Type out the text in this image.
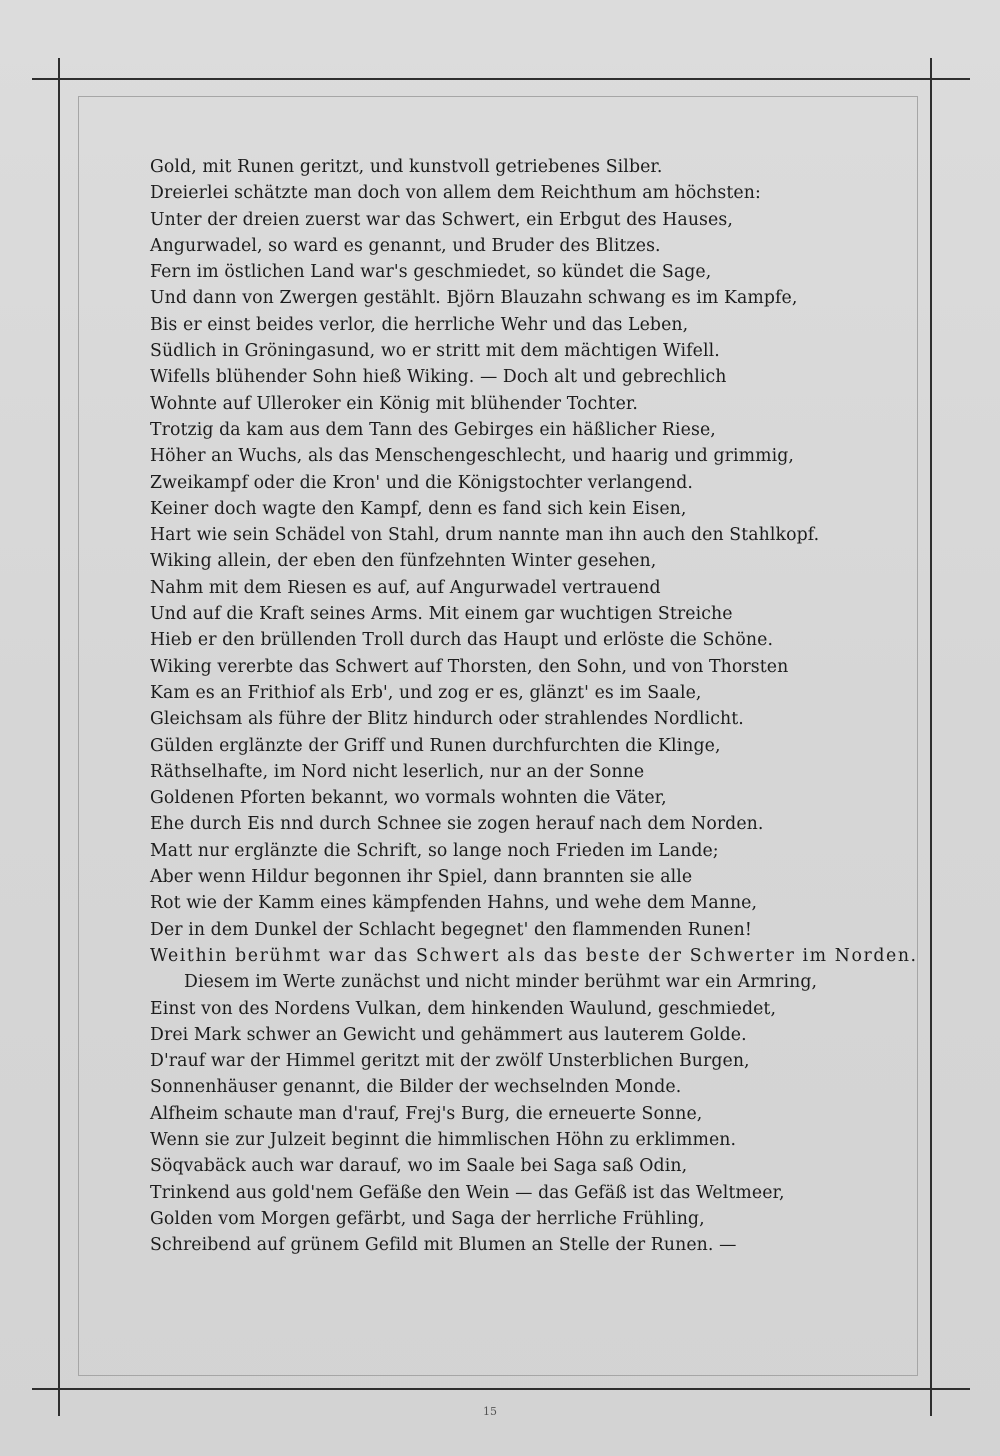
Gold, mit Runen geritzt, und kunstvoll getriebenes Silber.
Dreierlei schätzte man doch von allem dem Reichthum am höchsten:
Unter der dreien zuerst war das Schwert, ein Erbgut des Hauses,
Angurwadel, so ward es genannt, und Bruder des Blitzes.
Fern im östlichen Land war's geschmiedet, so kündet die Sage,
Und dann von Zwergen gestählt. Björn Blauzahn schwang es im Kampfe,
Bis er einst beides verlor, die herrliche Wehr und das Leben,
Südlich in Gröningasund, wo er stritt mit dem mächtigen Wifell.
Wifells blühender Sohn hieß Wiking. — Doch alt und gebrechlich
Wohnte auf Ulleroker ein König mit blühender Tochter.
Trotzig da kam aus dem Tann des Gebirges ein häßlicher Riese,
Höher an Wuchs, als das Menschengeschlecht, und haarig und grimmig,
Zweikampf oder die Kron' und die Königstochter verlangend.
Keiner doch wagte den Kampf, denn es fand sich kein Eisen,
Hart wie sein Schädel von Stahl, drum nannte man ihn auch den Stahlkopf.
Wiking allein, der eben den fünfzehnten Winter gesehen,
Nahm mit dem Riesen es auf, auf Angurwadel vertrauend
Und auf die Kraft seines Arms. Mit einem gar wuchtigen Streiche
Hieb er den brüllenden Troll durch das Haupt und erlöste die Schöne.
Wiking vererbte das Schwert auf Thorsten, den Sohn, und von Thorsten
Kam es an Frithiof als Erb', und zog er es, glänzt' es im Saale,
Gleichsam als führe der Blitz hindurch oder strahlendes Nordlicht.
Gülden erglänzte der Griff und Runen durchfurchten die Klinge,
Räthselhafte, im Nord nicht leserlich, nur an der Sonne
Goldenen Pforten bekannt, wo vormals wohnten die Väter,
Ehe durch Eis nnd durch Schnee sie zogen herauf nach dem Norden.
Matt nur erglänzte die Schrift, so lange noch Frieden im Lande;
Aber wenn Hildur begonnen ihr Spiel, dann brannten sie alle
Rot wie der Kamm eines kämpfenden Hahns, und wehe dem Manne,
Der in dem Dunkel der Schlacht begegnet' den flammenden Runen!
Weithin berühmt war das Schwert als das beste der Schwerter im Norden.
Diesem im Werte zunächst und nicht minder berühmt war ein Armring,
Einst von des Nordens Vulkan, dem hinkenden Waulund, geschmiedet,
Drei Mark schwer an Gewicht und gehämmert aus lauterem Golde.
D'rauf war der Himmel geritzt mit der zwölf Unsterblichen Burgen,
Sonnenhäuser genannt, die Bilder der wechselnden Monde.
Alfheim schaute man d'rauf, Frej's Burg, die erneuerte Sonne,
Wenn sie zur Julzeit beginnt die himmlischen Höhn zu erklimmen.
Söqvabäck auch war darauf, wo im Saale bei Saga saß Odin,
Trinkend aus gold'nem Gefäße den Wein — das Gefäß ist das Weltmeer,
Golden vom Morgen gefärbt, und Saga der herrliche Frühling,
Schreibend auf grünem Gefild mit Blumen an Stelle der Runen. —
15
